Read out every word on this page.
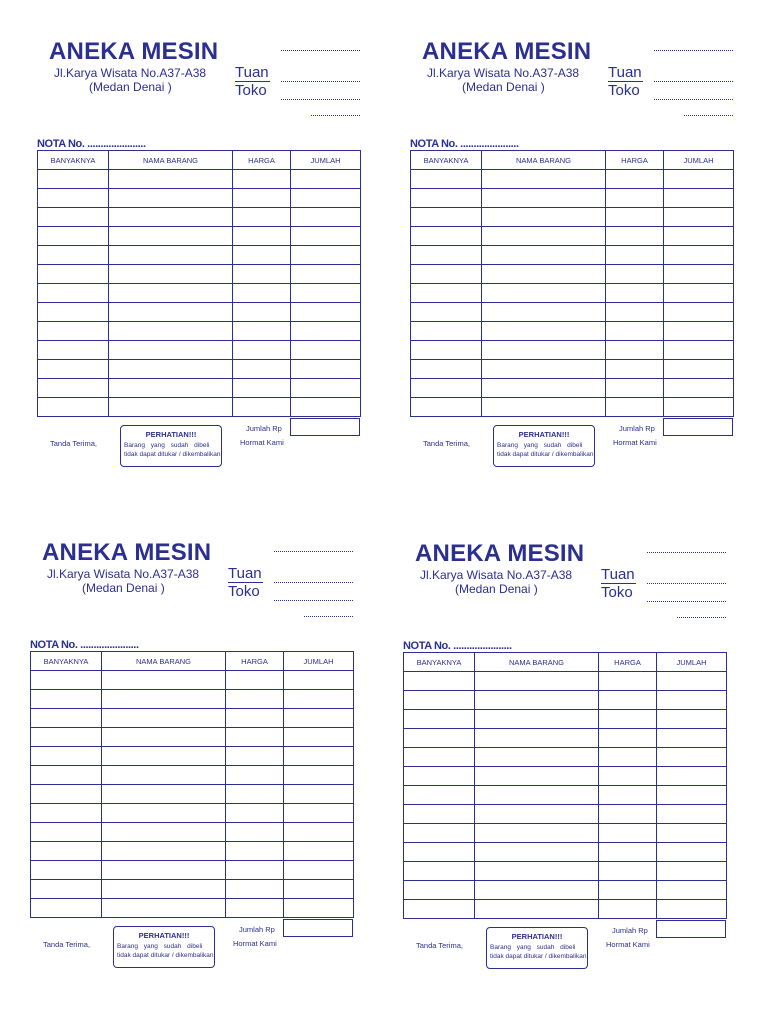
ANEKA MESIN
Jl.Karya Wisata No.A37-A38
(Medan Denai )
Tuan
Toko
NOTA No. ......................
BANYAKNYA	NAMA BARANG	HARGA	JUMLAH

Tanda Terima,
PERHATIAN!!!
Barang yang sudah dibeli
tidak dapat ditukar / dikembalikan
Jumlah Rp
Hormat Kami
ANEKA MESIN
Jl.Karya Wisata No.A37-A38
(Medan Denai )
Tuan
Toko
NOTA No. ......................
BANYAKNYA	NAMA BARANG	HARGA	JUMLAH

Tanda Terima,
PERHATIAN!!!
Barang yang sudah dibeli
tidak dapat ditukar / dikembalikan
Jumlah Rp
Hormat Kami
ANEKA MESIN
Jl.Karya Wisata No.A37-A38
(Medan Denai )
Tuan
Toko
NOTA No. ......................
BANYAKNYA	NAMA BARANG	HARGA	JUMLAH

Tanda Terima,
PERHATIAN!!!
Barang yang sudah dibeli
tidak dapat ditukar / dikembalikan
Jumlah Rp
Hormat Kami
ANEKA MESIN
Jl.Karya Wisata No.A37-A38
(Medan Denai )
Tuan
Toko
NOTA No. ......................
BANYAKNYA	NAMA BARANG	HARGA	JUMLAH

Tanda Terima,
PERHATIAN!!!
Barang yang sudah dibeli
tidak dapat ditukar / dikembalikan
Jumlah Rp
Hormat Kami
